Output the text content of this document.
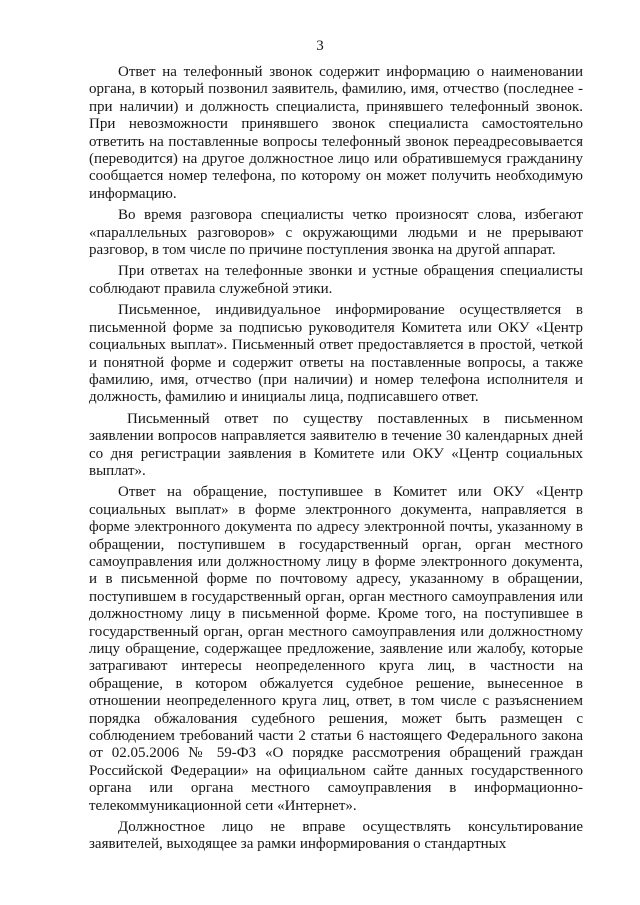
3

Ответ на телефонный звонок содержит информацию о наименовании органа, в который позвонил заявитель, фамилию, имя, отчество (последнее - при наличии) и должность специалиста, принявшего телефонный звонок. При невозможности принявшего звонок специалиста самостоятельно ответить на поставленные вопросы телефонный звонок переадресовывается (переводится) на другое должностное лицо или обратившемуся гражданину сообщается номер телефона, по которому он может получить необходимую информацию.

Во время разговора специалисты четко произносят слова, избегают «параллельных разговоров» с окружающими людьми и не прерывают разговор, в том числе по причине поступления звонка на другой аппарат.

При ответах на телефонные звонки и устные обращения специалисты соблюдают правила служебной этики.

Письменное, индивидуальное информирование осуществляется в письменной форме за подписью руководителя Комитета или ОКУ «Центр социальных выплат». Письменный ответ предоставляется в простой, четкой и понятной форме и содержит ответы на поставленные вопросы, а также фамилию, имя, отчество (при наличии) и номер телефона исполнителя и должность, фамилию и инициалы лица, подписавшего ответ.

Письменный ответ по существу поставленных в письменном заявлении вопросов направляется заявителю в течение 30 календарных дней со дня регистрации заявления в Комитете или ОКУ «Центр социальных выплат».

Ответ на обращение, поступившее в Комитет или ОКУ «Центр социальных выплат» в форме электронного документа, направляется в форме электронного документа по адресу электронной почты, указанному в обращении, поступившем в государственный орган, орган местного самоуправления или должностному лицу в форме электронного документа, и в письменной форме по почтовому адресу, указанному в обращении, поступившем в государственный орган, орган местного самоуправления или должностному лицу в письменной форме. Кроме того, на поступившее в государственный орган, орган местного самоуправления или должностному лицу обращение, содержащее предложение, заявление или жалобу, которые затрагивают интересы неопределенного круга лиц, в частности на обращение, в котором обжалуется судебное решение, вынесенное в отношении неопределенного круга лиц, ответ, в том числе с разъяснением порядка обжалования судебного решения, может быть размещен с соблюдением требований части 2 статьи 6 настоящего Федерального закона от 02.05.2006 № 59-ФЗ «О порядке рассмотрения обращений граждан Российской Федерации» на официальном сайте данных государственного органа или органа местного самоуправления в информационно-телекоммуникационной сети «Интернет».

Должностное лицо не вправе осуществлять консультирование заявителей, выходящее за рамки информирования о стандартных
